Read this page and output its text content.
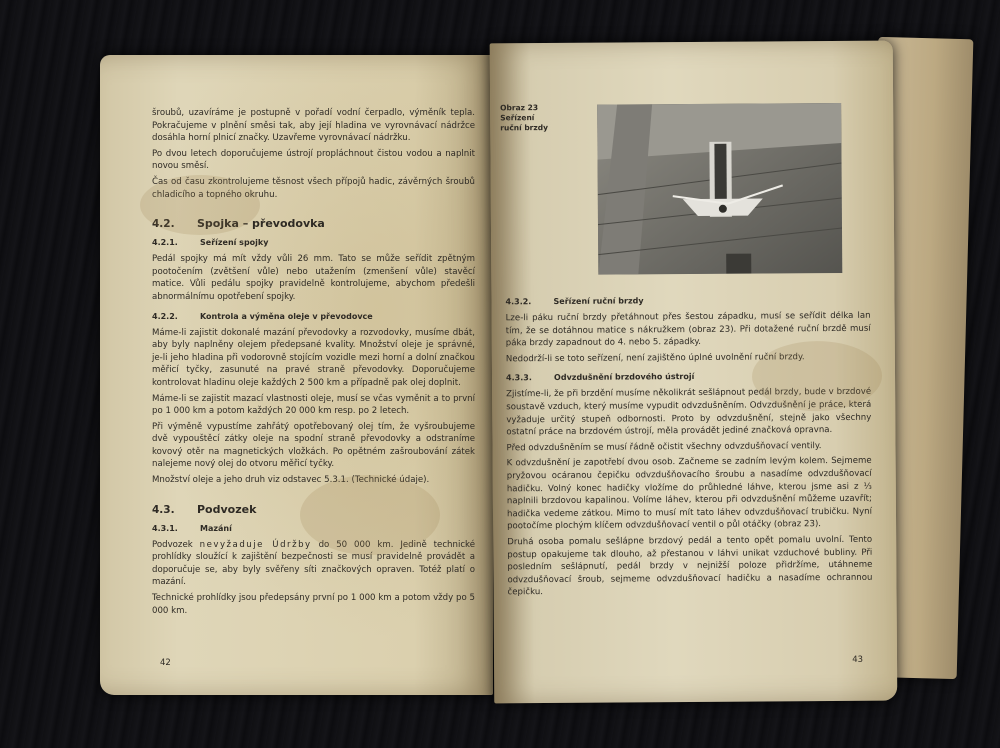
šroubů, uzavíráme je postupně v pořadí vodní čerpadlo, výměník tepla. Pokračujeme v plnění směsi tak, aby její hladina ve vyrovnávací nádržce dosáhla horní plnicí značky. Uzavřeme vyrovnávací nádržku.

Po dvou letech doporučujeme ústrojí propláchnout čistou vodou a naplnit novou směsí.

Čas od času zkontrolujeme těsnost všech přípojů hadic, závěrných šroubů chladicího a topného okruhu.

4.2.	Spojka – převodovka
4.2.1.	Seřízení spojky

Pedál spojky má mít vždy vůli 26 mm. Tato se může seřídit zpětným pootočením (zvětšení vůle) nebo utažením (zmenšení vůle) stavěcí matice. Vůli pedálu spojky pravidelně kontrolujeme, abychom předešli abnormálnímu opotřebení spojky.

4.2.2.	Kontrola a výměna oleje v převodovce

Máme-li zajistit dokonalé mazání převodovky a rozvodovky, musíme dbát, aby byly naplněny olejem předepsané kvality. Množství oleje je správné, je-li jeho hladina při vodorovně stojícím vozidle mezi horní a dolní značkou měřicí tyčky, zasunuté na pravé straně převodovky. Doporučujeme kontrolovat hladinu oleje každých 2 500 km a případně pak olej doplnit.

Máme-li se zajistit mazací vlastnosti oleje, musí se včas vyměnit a to první po 1 000 km a potom každých 20 000 km resp. po 2 letech.

Při výměně vypustíme zahřátý opotřebovaný olej tím, že vyšroubujeme dvě vypouštěcí zátky oleje na spodní straně převodovky a odstraníme kovový otěr na magnetických vložkách. Po opětném zašroubování zátek nalejeme nový olej do otvoru měřicí tyčky.

Množství oleje a jeho druh viz odstavec 5.3.1. (Technické údaje).

4.3.	Podvozek
4.3.1.	Mazání

Podvozek nevyžaduje Údržby do 50 000 km. Jedině technické prohlídky sloužící k zajištění bezpečnosti se musí pravidelně provádět a doporučuje se, aby byly svěřeny síti značkových opraven. Totéž platí o mazání.

Technické prohlídky jsou předepsány první po 1 000 km a potom vždy po 5 000 km.

42
Obraz 23
Seřízení
ruční brzdy
4.3.2.	Seřízení ruční brzdy

Lze-li páku ruční brzdy přetáhnout přes šestou západku, musí se seřídit délka lan tím, že se dotáhnou matice s nákružkem (obraz 23). Při dotažené ruční brzdě musí páka brzdy zapadnout do 4. nebo 5. západky.

Nedodrží-li se toto seřízení, není zajištěno úplné uvolnění ruční brzdy.

4.3.3.	Odvzdušnění brzdového ústrojí

Zjistíme-li, že při brzdění musíme několikrát sešlápnout pedál brzdy, bude v brzdové soustavě vzduch, který musíme vypudit odvzdušněním. Odvzdušnění je práce, která vyžaduje určitý stupeň odbornosti. Proto by odvzdušnění, stejně jako všechny ostatní práce na brzdovém ústrojí, měla provádět jediné značková opravna.

Před odvzdušněním se musí řádně očistit všechny odvzdušňovací ventily.

K odvzdušnění je zapotřebí dvou osob. Začneme se zadním levým kolem. Sejmeme pryžovou ocáranou čepičku odvzdušňovacího šroubu a nasadíme odvzdušňovací hadičku. Volný konec hadičky vložíme do průhledné láhve, kterou jsme asi z ⅓ naplnili brzdovou kapalinou. Volíme láhev, kterou při odvzdušnění můžeme uzavřít; hadička vedeme zátkou. Mimo to musí mít tato láhev odvzdušňovací trubičku. Nyní pootočíme plochým klíčem odvzdušňovací ventil o půl otáčky (obraz 23).

Druhá osoba pomalu sešlápne brzdový pedál a tento opět pomalu uvolní. Tento postup opakujeme tak dlouho, až přestanou v láhvi unikat vzduchové bubliny. Při posledním sešlápnutí, pedál brzdy v nejnižší poloze přidržíme, utáhneme odvzdušňovací šroub, sejmeme odvzdušňovací hadičku a nasadíme ochrannou čepičku.

43
